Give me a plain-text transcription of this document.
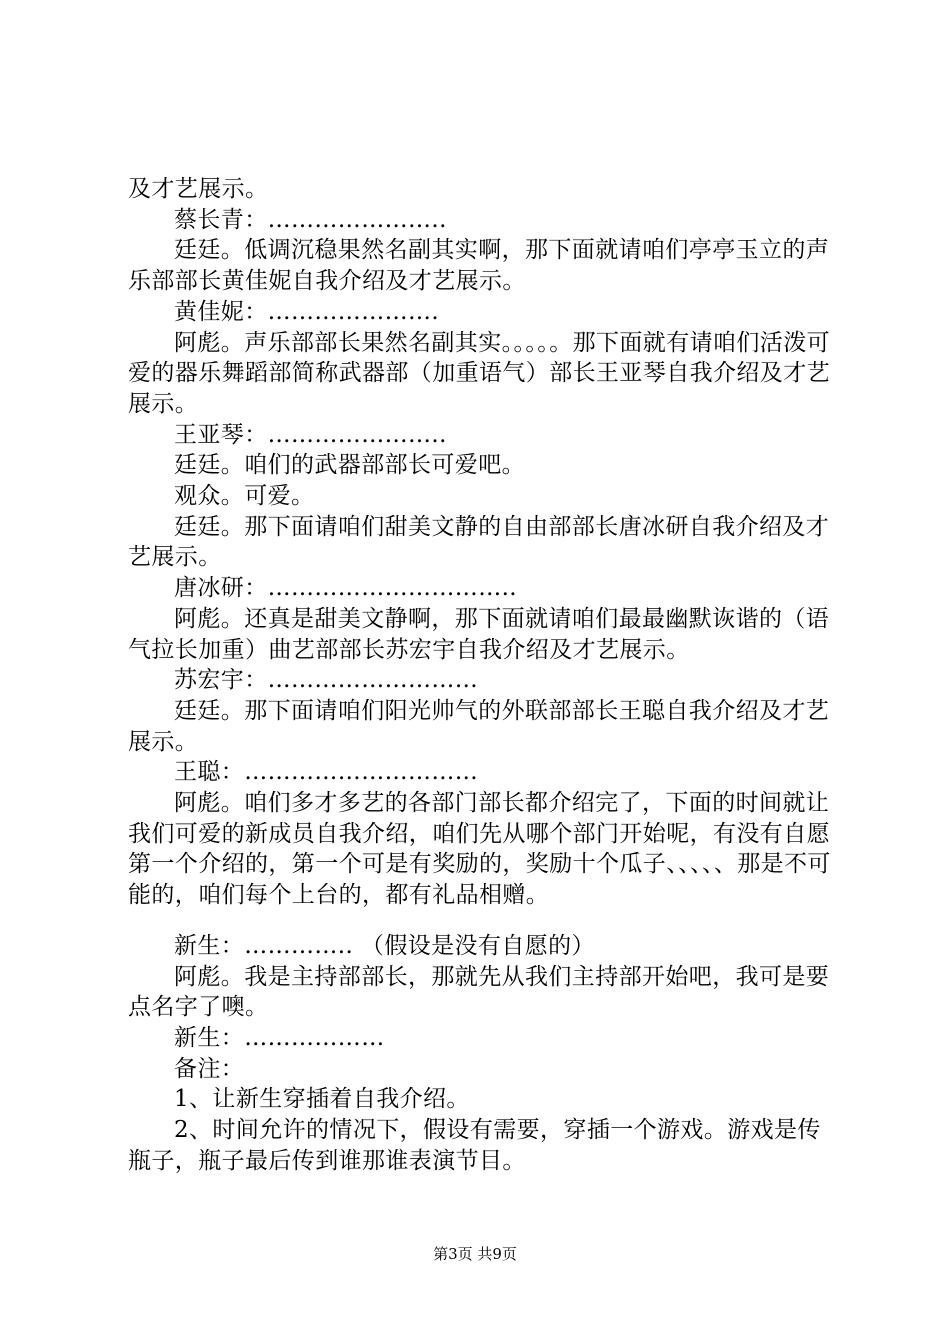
及才艺展示。

蔡长青：…………………..

廷廷。低调沉稳果然名副其实啊，那下面就请咱们亭亭玉立的声乐部部长黄佳妮自我介绍及才艺展示。

黄佳妮：………………….

阿彪。声乐部部长果然名副其实。。。。。那下面就有请咱们活泼可爱的器乐舞蹈部简称武器部（加重语气）部长王亚琴自我介绍及才艺展示。

王亚琴：…………………..

廷廷。咱们的武器部部长可爱吧。

观众。可爱。

廷廷。那下面请咱们甜美文静的自由部部长唐冰研自我介绍及才艺展示。

唐冰研：…………………………..

阿彪。还真是甜美文静啊，那下面就请咱们最最幽默诙谐的（语气拉长加重）曲艺部部长苏宏宇自我介绍及才艺展示。

苏宏宇：………………………

廷廷。那下面请咱们阳光帅气的外联部部长王聪自我介绍及才艺展示。

王聪：…………………………

阿彪。咱们多才多艺的各部门部长都介绍完了，下面的时间就让我们可爱的新成员自我介绍，咱们先从哪个部门开始呢，有没有自愿第一个介绍的，第一个可是有奖励的，奖励十个瓜子、、、、、那是不可能的，咱们每个上台的，都有礼品相赠。

新生：………….. （假设是没有自愿的）

阿彪。我是主持部部长，那就先从我们主持部开始吧，我可是要点名字了噢。

新生：………………

备注：

1、让新生穿插着自我介绍。

2、时间允许的情况下，假设有需要，穿插一个游戏。游戏是传瓶子，瓶子最后传到谁那谁表演节目。

第3页 共9页
